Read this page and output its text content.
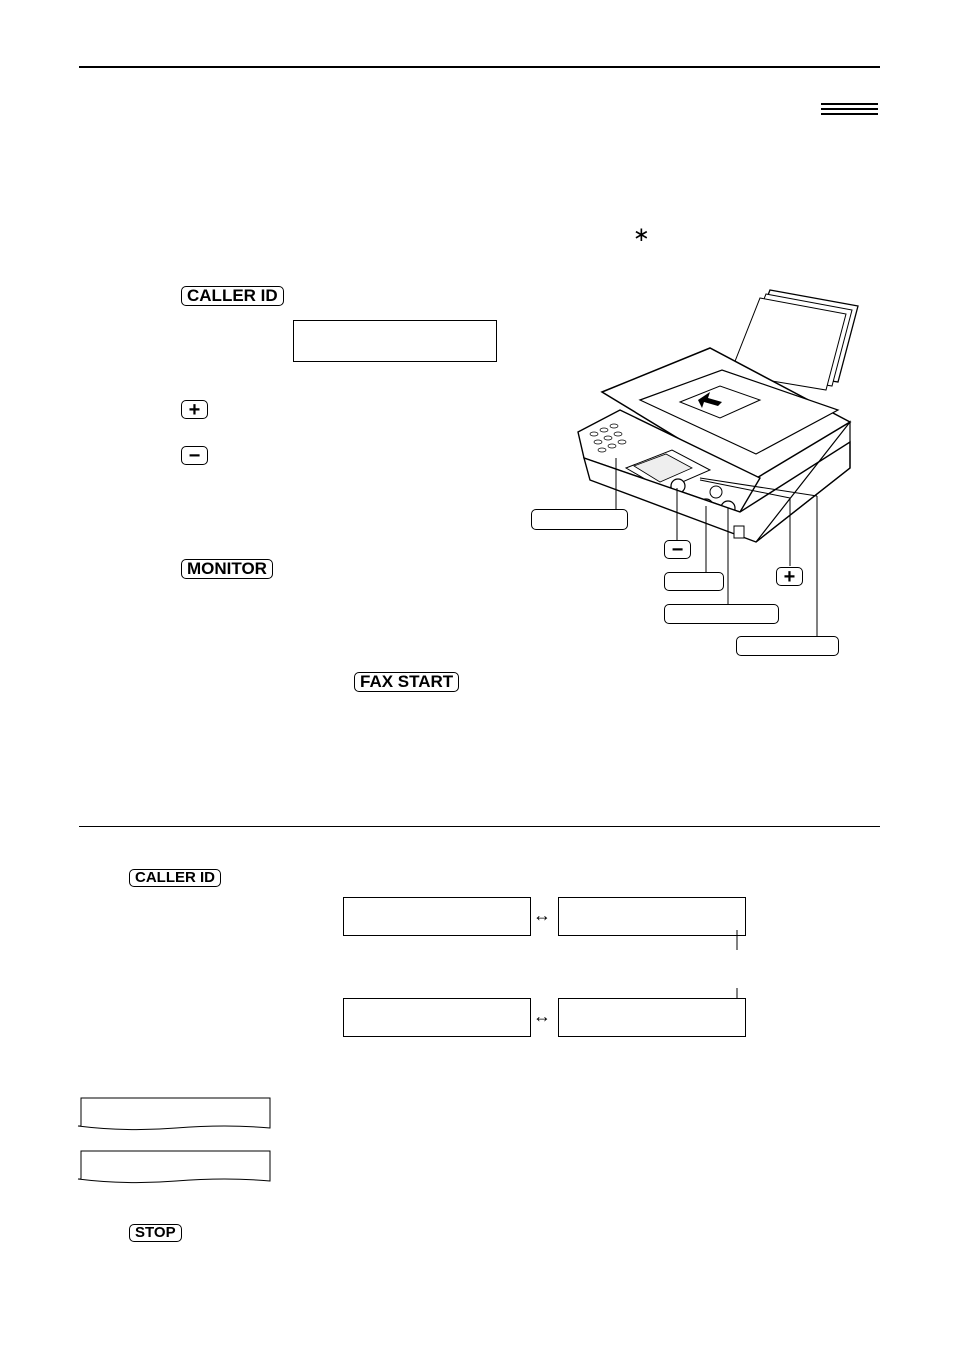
∗
CALLER ID
+
−
MONITOR
FAX START
−
+
CALLER ID
↔
↔
STOP
